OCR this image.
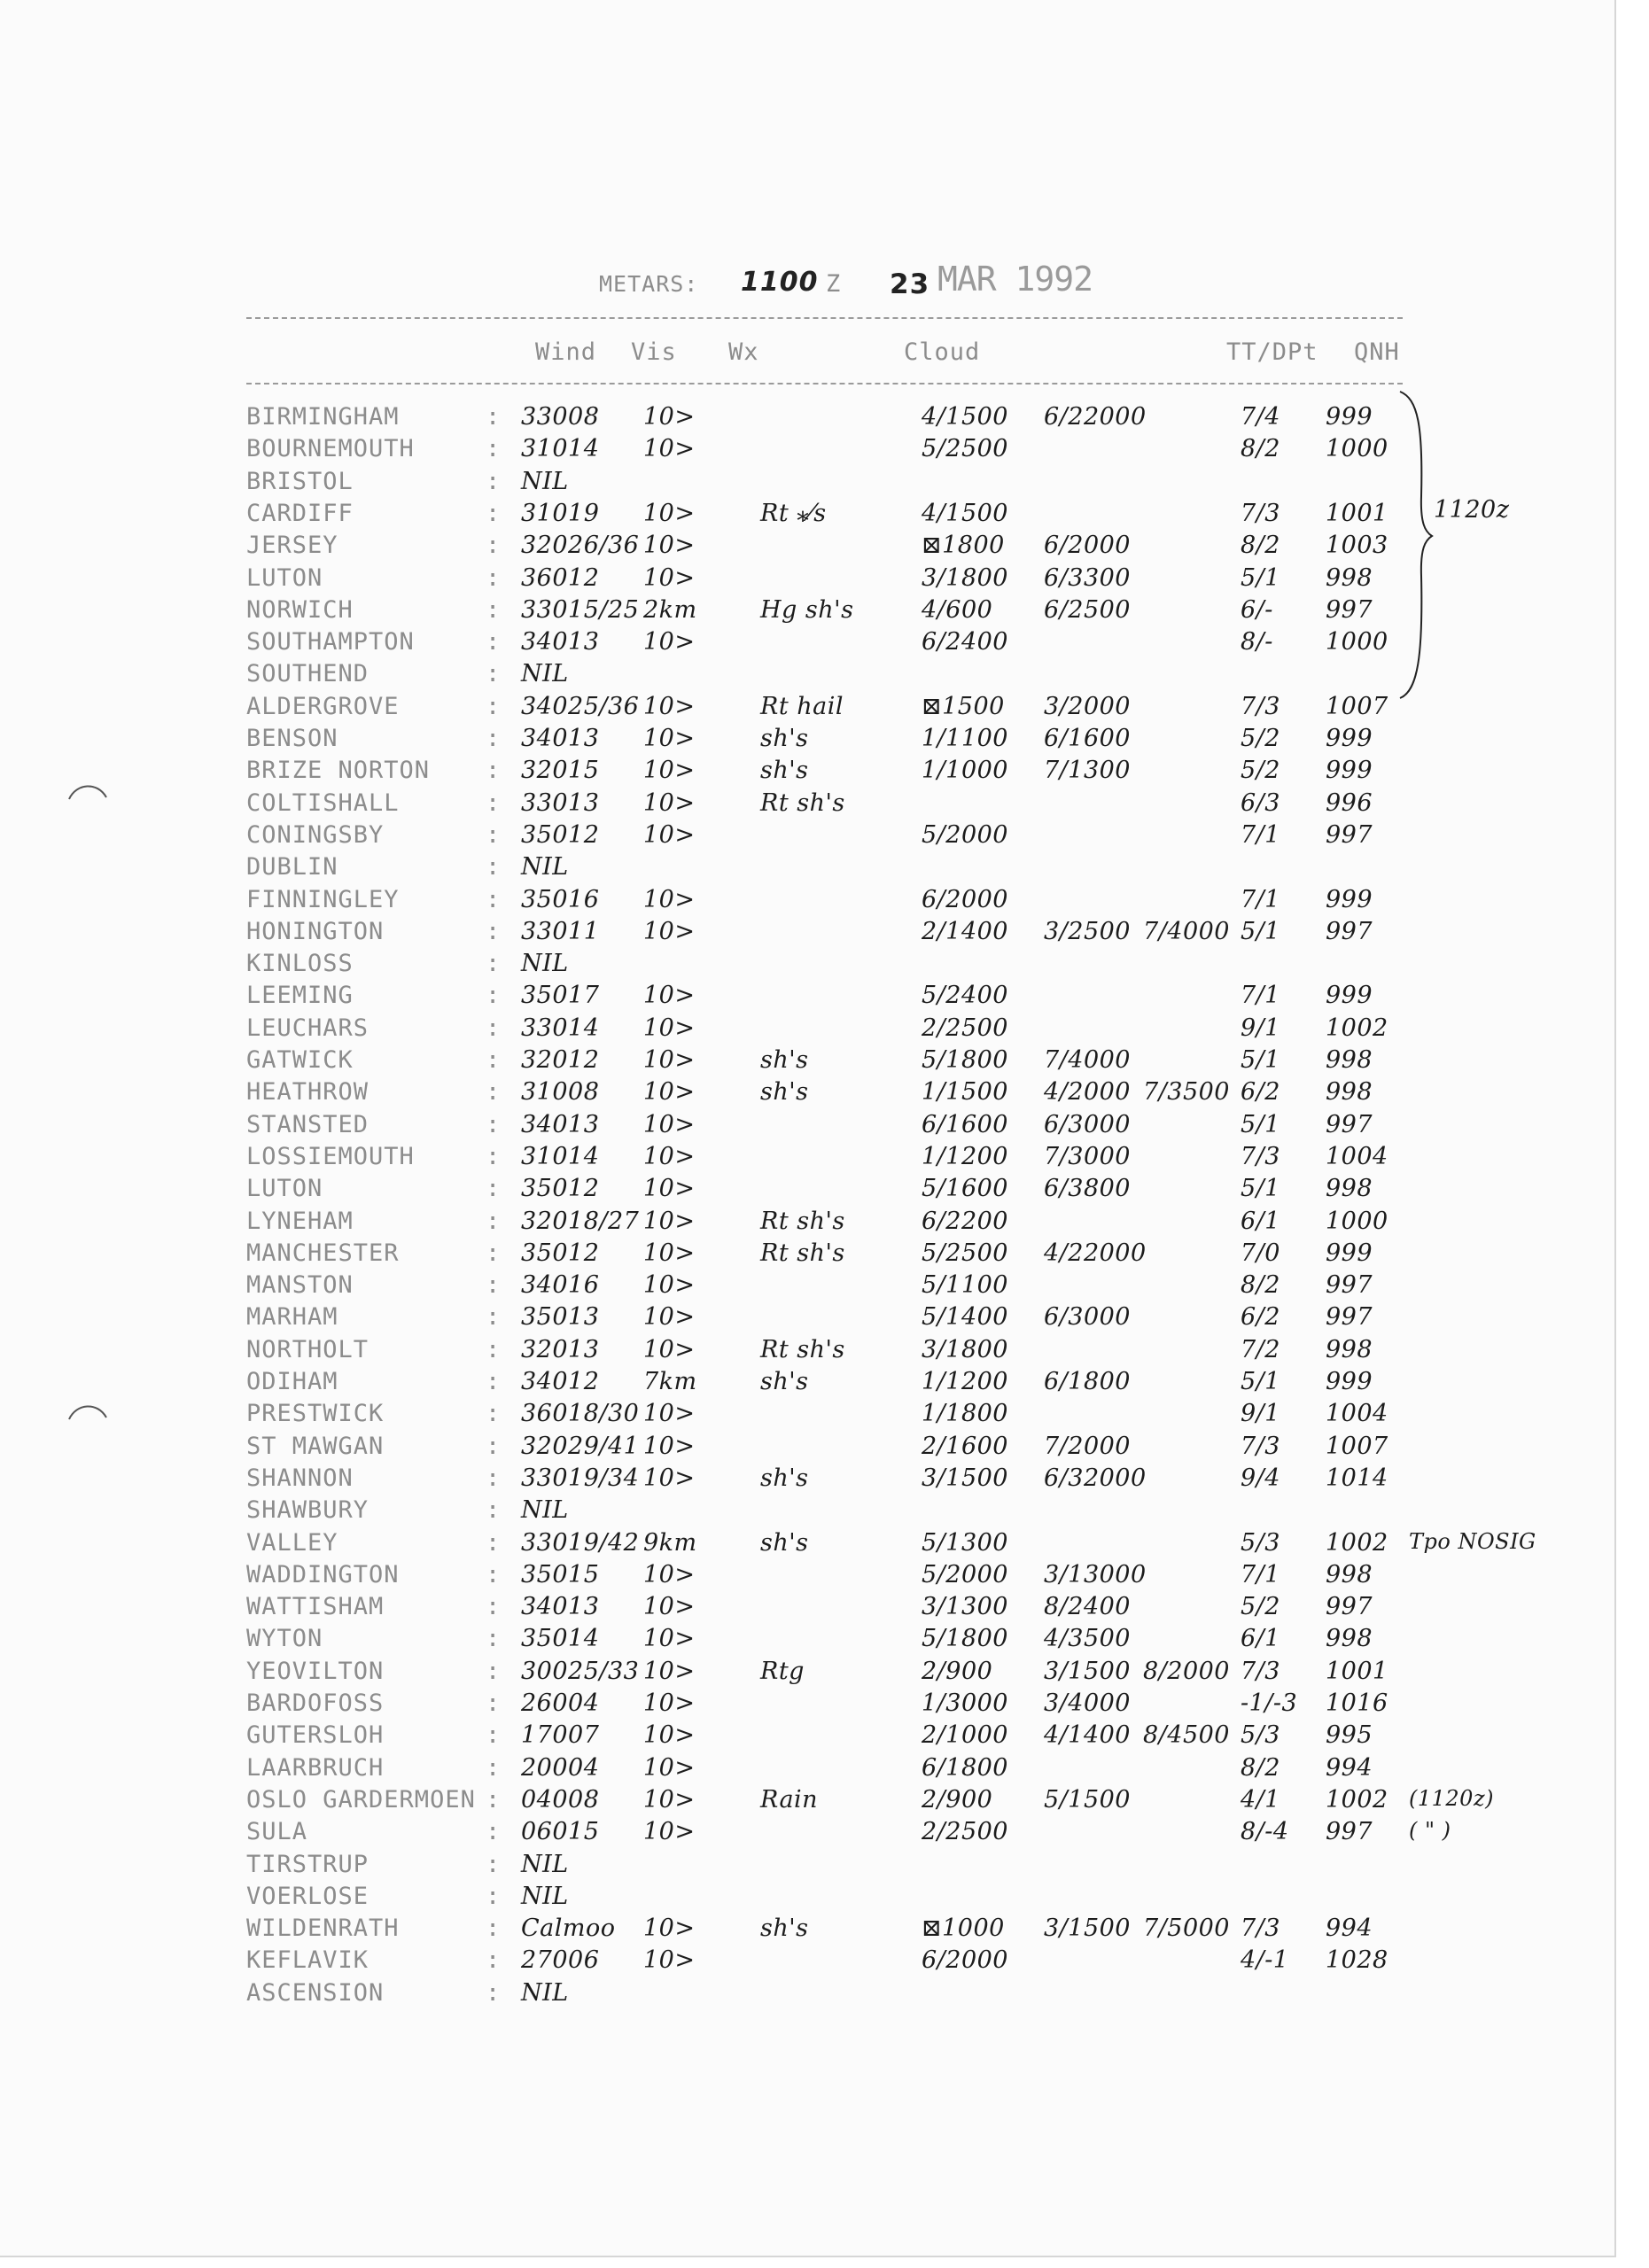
METARS: 1100 Z 23 MAR 1992
Wind Vis Wx	Cloud	TT/DPt QNH
BIRMINGHAM	: 33008 10>	4/1500 6/22000	7/4 999
BOURNEMOUTH	: 31014 10>	5/2500	8/2 1000
BRISTOL	: NIL
CARDIFF	: 31019 10>	Rt ⁎⁄s	4/1500	7/3 1001
JERSEY	: 32026/36 10>	⊠1800 6/2000	8/2 1003
LUTON	: 36012 10>	3/1800 6/3300	5/1 998
NORWICH	: 33015/25 2km	Hg sh's	4/600 6/2500	6/- 997
SOUTHAMPTON	: 34013 10>	6/2400	8/- 1000
SOUTHEND	: NIL
ALDERGROVE	: 34025/36 10>	Rt hail	⊠1500 3/2000	7/3 1007
BENSON	: 34013 10>	sh's	1/1100 6/1600	5/2 999
BRIZE NORTON : 32015 10>	sh's	1/1000 7/1300	5/2 999
COLTISHALL	: 33013 10>	Rt sh's	6/3 996
CONINGSBY	: 35012 10>	5/2000	7/1 997
DUBLIN	: NIL
FINNINGLEY	: 35016 10>	6/2000	7/1 999
HONINGTON	: 33011 10>	2/1400 3/2500 7/4000 5/1 997
KINLOSS	: NIL
LEEMING	: 35017 10>	5/2400	7/1 999
LEUCHARS	: 33014 10>	2/2500	9/1 1002
GATWICK	: 32012 10>	sh's	5/1800 7/4000	5/1 998
HEATHROW	: 31008 10>	sh's	1/1500 4/2000 7/3500 6/2 998
STANSTED	: 34013 10>	6/1600 6/3000	5/1 997
LOSSIEMOUTH	: 31014 10>	1/1200 7/3000	7/3 1004
LUTON	: 35012 10>	5/1600 6/3800	5/1 998
LYNEHAM	: 32018/27 10>	Rt sh's	6/2200	6/1 1000
MANCHESTER	: 35012 10>	Rt sh's	5/2500 4/22000	7/0 999
MANSTON	: 34016 10>	5/1100	8/2 997
MARHAM	: 35013 10>	5/1400 6/3000	6/2 997
NORTHOLT	: 32013 10>	Rt sh's	3/1800	7/2 998
ODIHAM	: 34012 7km	sh's	1/1200 6/1800	5/1 999
PRESTWICK	: 36018/30 10>	1/1800	9/1 1004
ST MAWGAN	: 32029/41 10>	2/1600 7/2000	7/3 1007
SHANNON	: 33019/34 10>	sh's	3/1500 6/32000	9/4 1014
SHAWBURY	: NIL
VALLEY	: 33019/42 9km	sh's	5/1300	5/3 1002 Tpo NOSIG
WADDINGTON	: 35015 10>	5/2000 3/13000	7/1 998
WATTISHAM	: 34013 10>	3/1300 8/2400	5/2 997
WYTON	: 35014 10>	5/1800 4/3500	6/1 998
YEOVILTON	: 30025/33 10>	Rtg	2/900 3/1500 8/2000 7/3 1001
BARDOFOSS	: 26004 10>	1/3000 3/4000	-1/-3 1016
GUTERSLOH	: 17007 10>	2/1000 4/1400 8/4500 5/3 995
LAARBRUCH	: 20004 10>	6/1800	8/2 994
OSLO GARDERMOEN : 04008 10>	Rain	2/900 5/1500	4/1 1002 (1120z)
SULA	: 06015 10>	2/2500	8/-4 997 ( " )
TIRSTRUP	: NIL
VOERLOSE	: NIL
WILDENRATH	: Calmoo 10>	sh's	⊠1000 3/1500 7/5000 7/3 994
KEFLAVIK	: 27006 10>	6/2000	4/-1 1028
ASCENSION	: NIL
1120z
